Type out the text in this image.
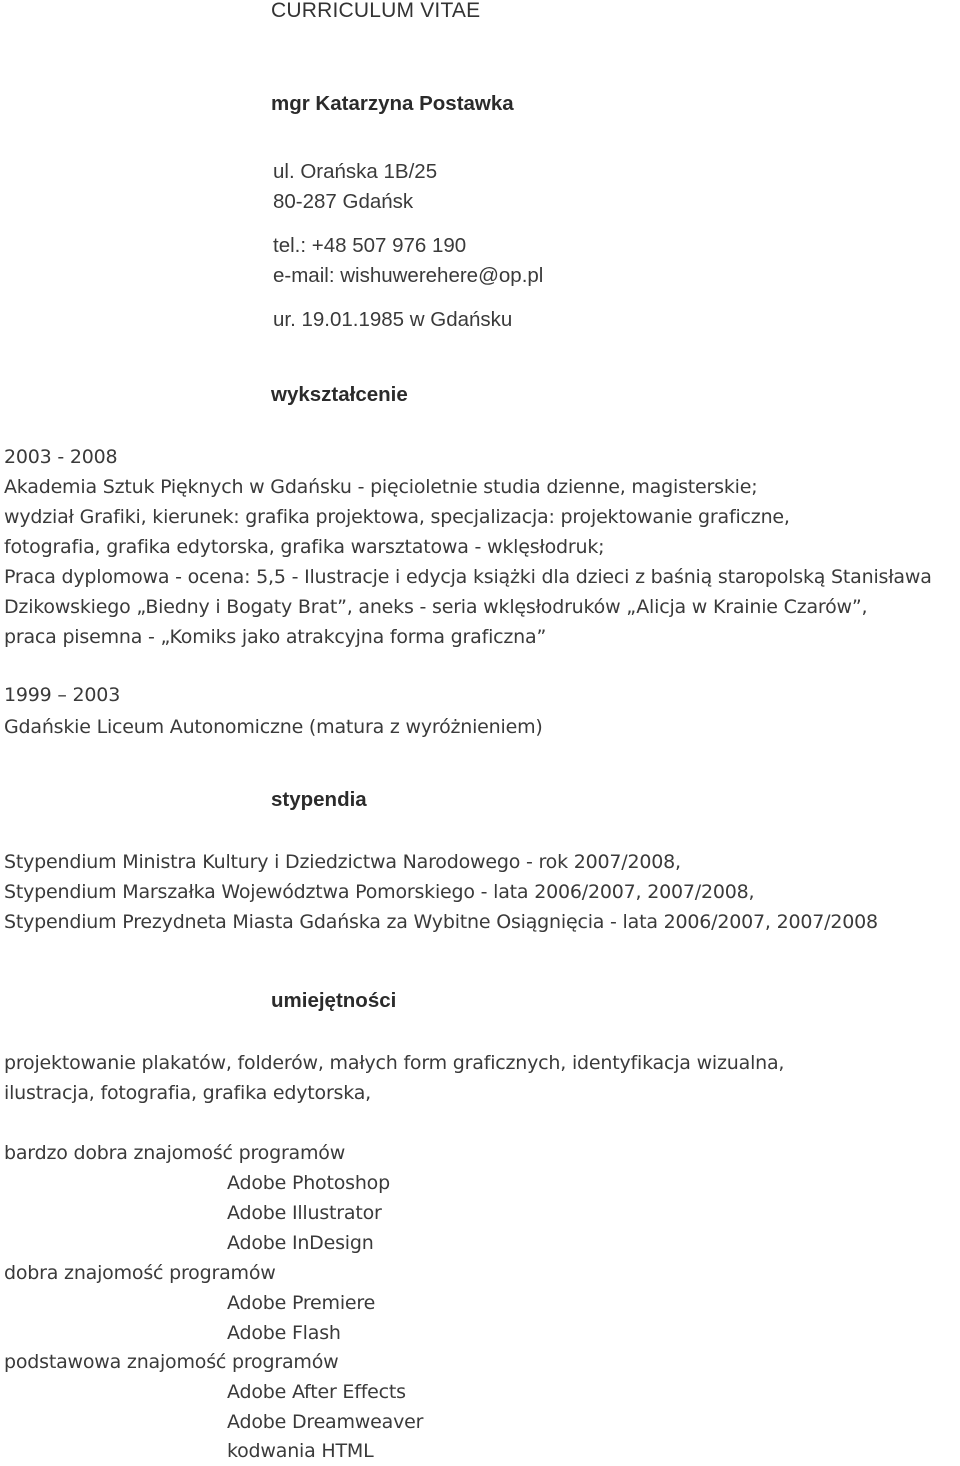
CURRICULUM VITAE
mgr Katarzyna Postawka
ul. Orańska 1B/25
80-287 Gdańsk
tel.: +48 507 976 190
e-mail: wishuwerehere@op.pl
ur. 19.01.1985 w Gdańsku
wykształcenie
2003 - 2008
Akademia Sztuk Pięknych w Gdańsku - pięcioletnie studia dzienne, magisterskie;
wydział Grafiki, kierunek: grafika projektowa, specjalizacja: projektowanie graficzne,
fotografia, grafika edytorska, grafika warsztatowa - wklęsłodruk;
Praca dyplomowa - ocena: 5,5 - Ilustracje i edycja książki dla dzieci z baśnią staropolską Stanisława
Dzikowskiego „Biedny i Bogaty Brat”, aneks - seria wklęsłodruków „Alicja w Krainie Czarów”,
praca pisemna - „Komiks jako atrakcyjna forma graficzna”
1999 – 2003
Gdańskie Liceum Autonomiczne (matura z wyróżnieniem)
stypendia
Stypendium Ministra Kultury i Dziedzictwa Narodowego - rok 2007/2008,
Stypendium Marszałka Województwa Pomorskiego - lata 2006/2007, 2007/2008,
Stypendium Prezydneta Miasta Gdańska za Wybitne Osiągnięcia - lata 2006/2007, 2007/2008
umiejętności
projektowanie plakatów, folderów, małych form graficznych, identyfikacja wizualna,
ilustracja, fotografia, grafika edytorska,
bardzo dobra znajomość programów
Adobe Photoshop
Adobe Illustrator
Adobe InDesign
dobra znajomość programów
Adobe Premiere
Adobe Flash
podstawowa znajomość programów
Adobe After Effects
Adobe Dreamweaver
kodwania HTML
